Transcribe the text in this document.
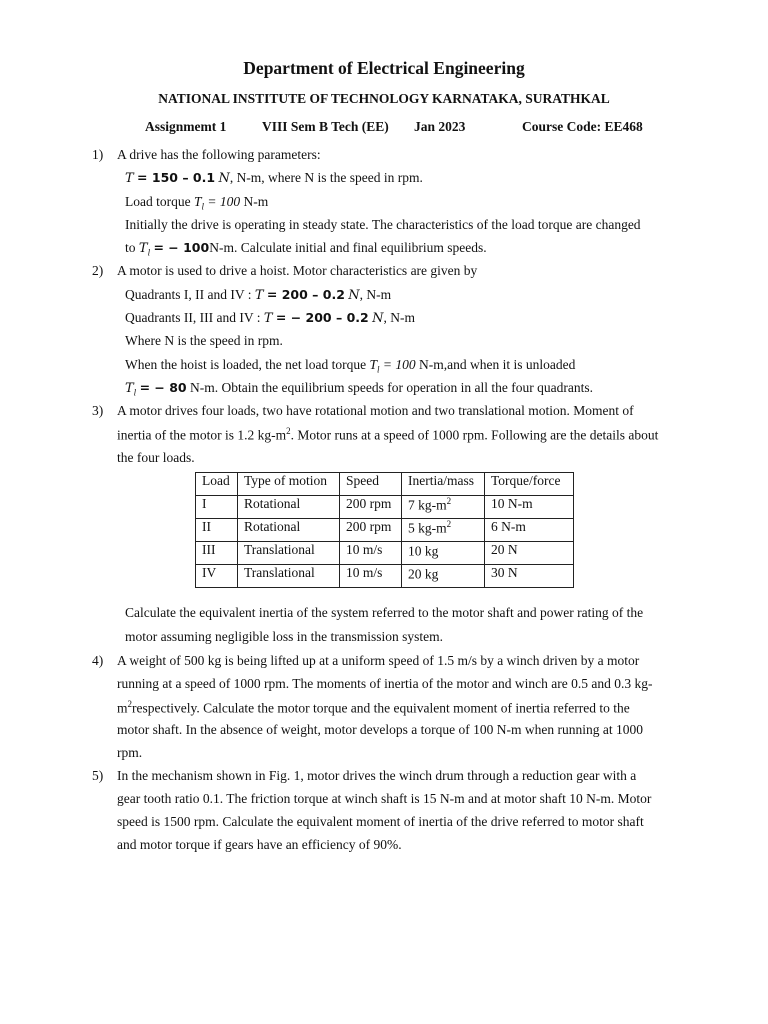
Department of Electrical Engineering
NATIONAL INSTITUTE OF TECHNOLOGY KARNATAKA, SURATHKAL
Assignmemt 1	VIII Sem B Tech (EE) Jan 2023	Course Code: EE468
1) A drive has the following parameters:
T = 150 – 0.1 N, N-m, where N is the speed in rpm.
Load torque $T_l = 100$ N-m
Initially the drive is operating in steady state. The characteristics of the load torque are changed
to $T_l$ = − 100N-m. Calculate initial and final equilibrium speeds.
2) A motor is used to drive a hoist. Motor characteristics are given by
Quadrants I, II and IV : T = 200 – 0.2 N, N-m
Quadrants II, III and IV : T = − 200 – 0.2 N, N-m
Where N is the speed in rpm.
When the hoist is loaded, the net load torque $T_l = 100$ N-m,and when it is unloaded
$T_l$ = − 80 N-m. Obtain the equilibrium speeds for operation in all the four quadrants.
3) A motor drives four loads, two have rotational motion and two translational motion. Moment of
inertia of the motor is 1.2 $kg-m^2$. Motor runs at a speed of 1000 rpm. Following are the details about
the four loads.
Load	Type of motion	Speed	Inertia/mass	Torque/force
I	Rotational	200 rpm	7 $kg-m^2$	10 N-m
II	Rotational	200 rpm	5 $kg-m^2$	6 N-m
III	Translational	10 m/s	10 kg	20 N
IV	Translational	10 m/s	20 kg	30 N
Calculate the equivalent inertia of the system referred to the motor shaft and power rating of the
motor assuming negligible loss in the transmission system.
4) A weight of 500 kg is being lifted up at a uniform speed of 1.5 m/s by a winch driven by a motor
running at a speed of 1000 rpm. The moments of inertia of the motor and winch are 0.5 and 0.3 kg-
$m^2respectively$. Calculate the motor torque and the equivalent moment of inertia referred to the
motor shaft. In the absence of weight, motor develops a torque of 100 N-m when running at 1000
rpm.
5) In the mechanism shown in Fig. 1, motor drives the winch drum through a reduction gear with a
gear tooth ratio 0.1. The friction torque at winch shaft is 15 N-m and at motor shaft 10 N-m. Motor
speed is 1500 rpm. Calculate the equivalent moment of inertia of the drive referred to motor shaft
and motor torque if gears have an efficiency of 90%.
